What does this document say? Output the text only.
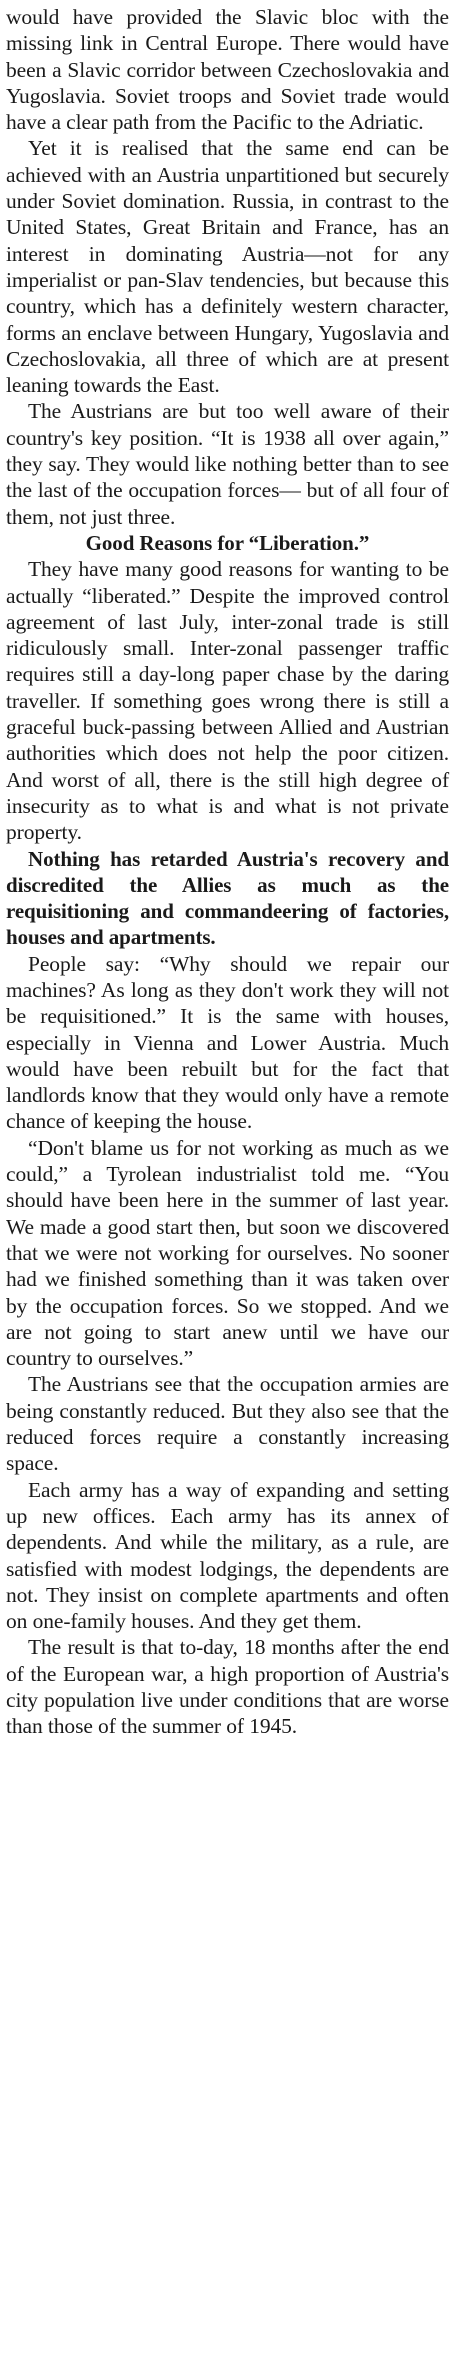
would have provided the Slavic bloc with the missing link in Central Europe. There would have been a Slavic corridor between Czechoslovakia and Yugoslavia. Soviet troops and Soviet trade would have a clear path from the Pacific to the Adriatic.

Yet it is realised that the same end can be achieved with an Austria unpartitioned but securely under Soviet domination. Russia, in contrast to the United States, Great Britain and France, has an interest in dominating Austria—not for any imperialist or pan-Slav tendencies, but because this country, which has a definitely western character, forms an enclave between Hungary, Yugoslavia and Czechoslovakia, all three of which are at present leaning towards the East.

The Austrians are but too well aware of their country's key position. “It is 1938 all over again,” they say. They would like nothing better than to see the last of the occupation forces— but of all four of them, not just three.

Good Reasons for “Liberation.”

They have many good reasons for wanting to be actually “liberated.” Despite the improved control agreement of last July, inter-zonal trade is still ridiculously small. Inter-zonal passenger traffic requires still a day-long paper chase by the daring traveller. If something goes wrong there is still a graceful buck-passing between Allied and Austrian authorities which does not help the poor citizen. And worst of all, there is the still high degree of insecurity as to what is and what is not private property.

Nothing has retarded Austria's recovery and discredited the Allies as much as the requisitioning and commandeering of factories, houses and apartments.

People say: “Why should we repair our machines? As long as they don't work they will not be requisitioned.” It is the same with houses, especially in Vienna and Lower Austria. Much would have been rebuilt but for the fact that landlords know that they would only have a remote chance of keeping the house.

“Don't blame us for not working as much as we could,” a Tyrolean industrialist told me. “You should have been here in the summer of last year. We made a good start then, but soon we discovered that we were not working for ourselves. No sooner had we finished something than it was taken over by the occupation forces. So we stopped. And we are not going to start anew until we have our country to ourselves.”

The Austrians see that the occupation armies are being constantly reduced. But they also see that the reduced forces require a constantly increasing space.

Each army has a way of expanding and setting up new offices. Each army has its annex of dependents. And while the military, as a rule, are satisfied with modest lodgings, the dependents are not. They insist on complete apartments and often on one-family houses. And they get them.

The result is that to-day, 18 months after the end of the European war, a high proportion of Austria's city population live under conditions that are worse than those of the summer of 1945.
